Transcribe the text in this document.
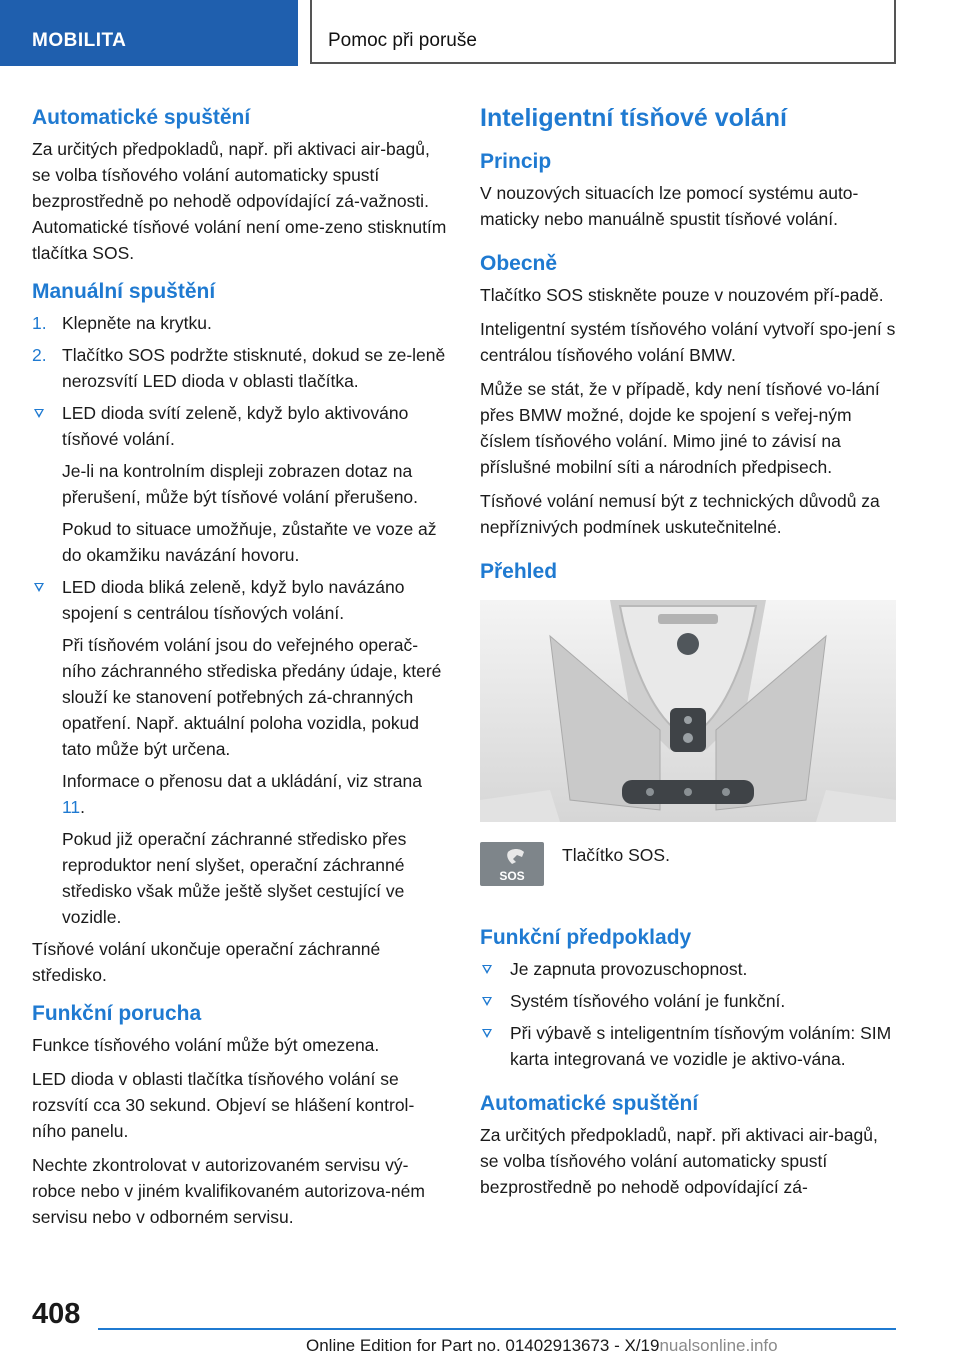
MOBILITA	Pomoc při poruše
Automatické spuštění

Za určitých předpokladů, např. při aktivaci air-bagů, se volba tísňového volání automaticky spustí bezprostředně po nehodě odpovídající zá-važnosti. Automatické tísňové volání není ome-zeno stisknutím tlačítka SOS.

Manuální spuštění
1. Klepněte na krytku.
2. Tlačítko SOS podržte stisknuté, dokud se ze-leně nerozsvítí LED dioda v oblasti tlačítka.
LED dioda svítí zeleně, když bylo aktivováno tísňové volání.
Je-li na kontrolním displeji zobrazen dotaz na přerušení, může být tísňové volání přerušeno.
Pokud to situace umožňuje, zůstaňte ve voze až do okamžiku navázání hovoru.
LED dioda bliká zeleně, když bylo navázáno spojení s centrálou tísňových volání.
Při tísňovém volání jsou do veřejného operač-ního záchranného střediska předány údaje, které slouží ke stanovení potřebných zá-chranných opatření. Např. aktuální poloha vozidla, pokud tato může být určena.
Informace o přenosu dat a ukládání, viz strana 11.
Pokud již operační záchranné středisko přes reproduktor není slyšet, operační záchranné středisko však může ještě slyšet cestující ve vozidle.

Tísňové volání ukončuje operační záchranné středisko.

Funkční porucha

Funkce tísňového volání může být omezena.

LED dioda v oblasti tlačítka tísňového volání se rozsvítí cca 30 sekund. Objeví se hlášení kontrol-ního panelu.

Nechte zkontrolovat v autorizovaném servisu vý-robce nebo v jiném kvalifikovaném autorizova-ném servisu nebo v odborném servisu.

Inteligentní tísňové volání
Princip

V nouzových situacích lze pomocí systému auto-maticky nebo manuálně spustit tísňové volání.

Obecně

Tlačítko SOS stiskněte pouze v nouzovém pří-padě.

Inteligentní systém tísňového volání vytvoří spo-jení s centrálou tísňového volání BMW.

Může se stát, že v případě, kdy není tísňové vo-lání přes BMW možné, dojde ke spojení s veřej-ným číslem tísňového volání. Mimo jiné to závisí na příslušné mobilní síti a národních předpisech.

Tísňové volání nemusí být z technických důvodů za nepříznivých podmínek uskutečnitelné.

Přehled
SOS
Tlačítko SOS.
Funkční předpoklady
Je zapnuta provozuschopnost.
Systém tísňového volání je funkční.
Při výbavě s inteligentním tísňovým voláním: SIM karta integrovaná ve vozidle je aktivo-vána.
Automatické spuštění

Za určitých předpokladů, např. při aktivaci air-bagů, se volba tísňového volání automaticky spustí bezprostředně po nehodě odpovídající zá-

408
Online Edition for Part no. 01402913673 - X/19nualsonline.info
